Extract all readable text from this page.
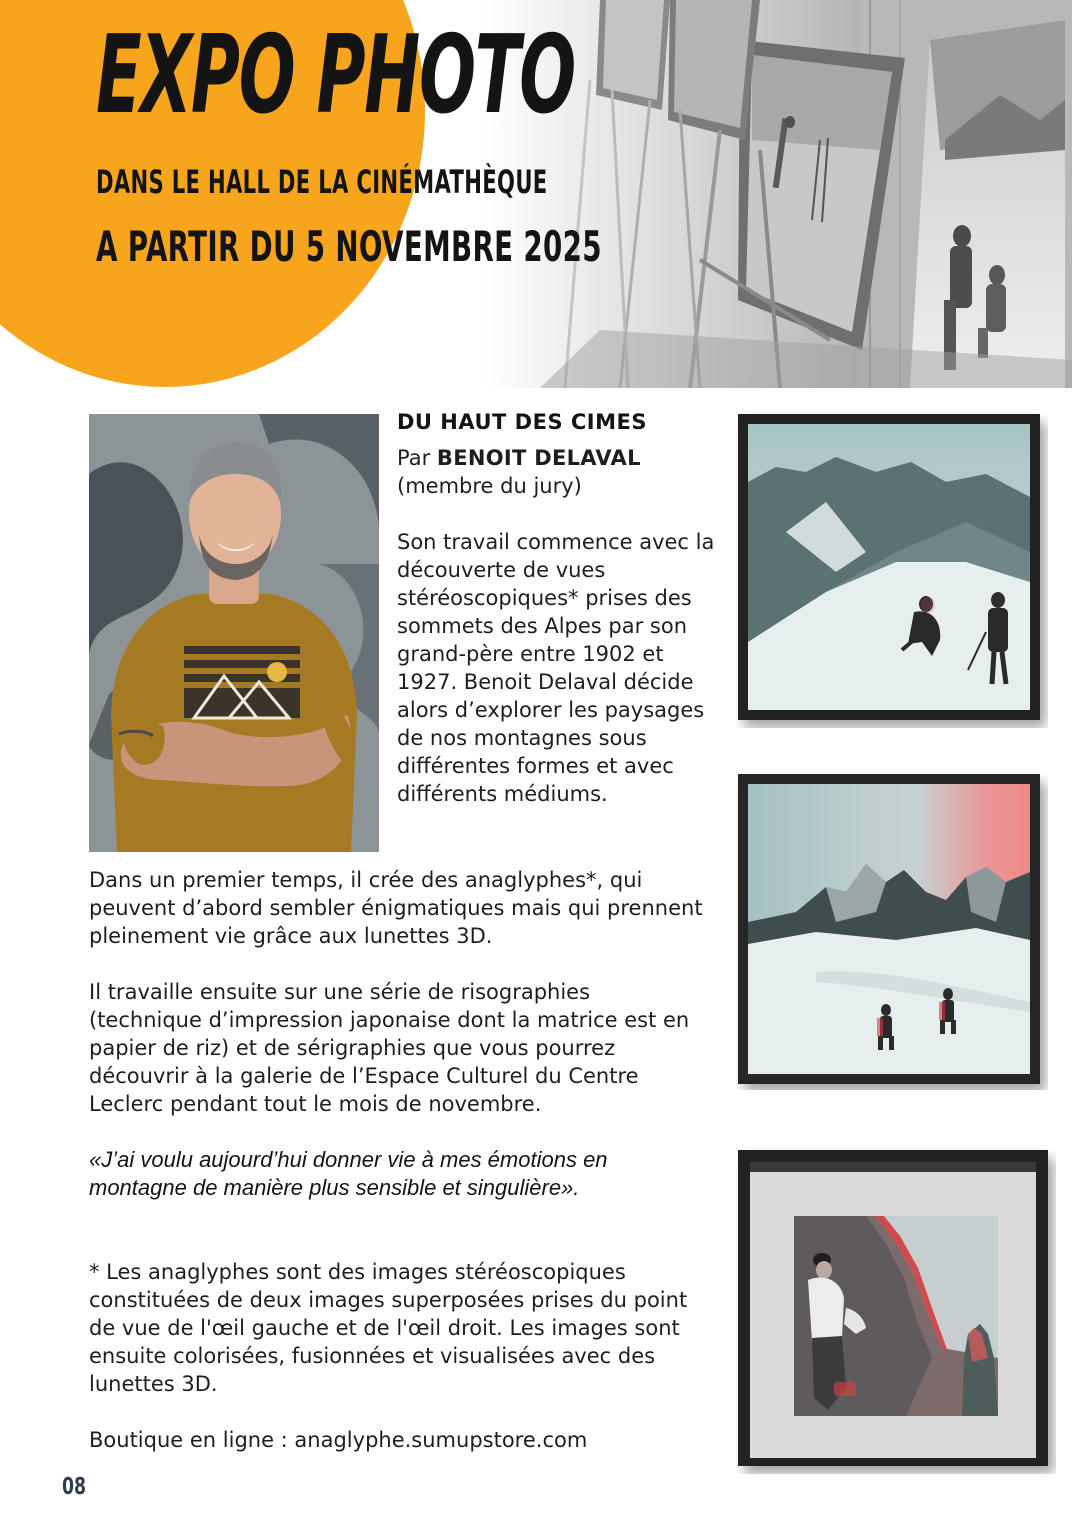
EXPO PHOTO

DANS LE HALL DE LA CINÉMATHÈQUE

A PARTIR DU 5 NOVEMBRE 2025

DU HAUT DES CIMES

Par BENOIT DELAVAL

(membre du jury)

Son travail commence avec la découverte de vues stéréoscopiques* prises des sommets des Alpes par son grand-père entre 1902 et 1927. Benoit Delaval décide alors d’explorer les paysages de nos montagnes sous différentes formes et avec différents médiums.

Dans un premier temps, il crée des anaglyphes*, qui peuvent d’abord sembler énigmatiques mais qui prennent pleinement vie grâce aux lunettes 3D.

Il travaille ensuite sur une série de risographies (technique d’impression japonaise dont la matrice est en papier de riz) et de sérigraphies que vous pourrez découvrir à la galerie de l’Espace Culturel du Centre Leclerc pendant tout le mois de novembre.

«J’ai voulu aujourd’hui donner vie à mes émotions en montagne de manière plus sensible et singulière».

* Les anaglyphes sont des images stéréoscopiques constituées de deux images superposées prises du point de vue de l'œil gauche et de l'œil droit. Les images sont ensuite colorisées, fusionnées et visualisées avec des lunettes 3D.

Boutique en ligne : anaglyphe.sumupstore.com

08
